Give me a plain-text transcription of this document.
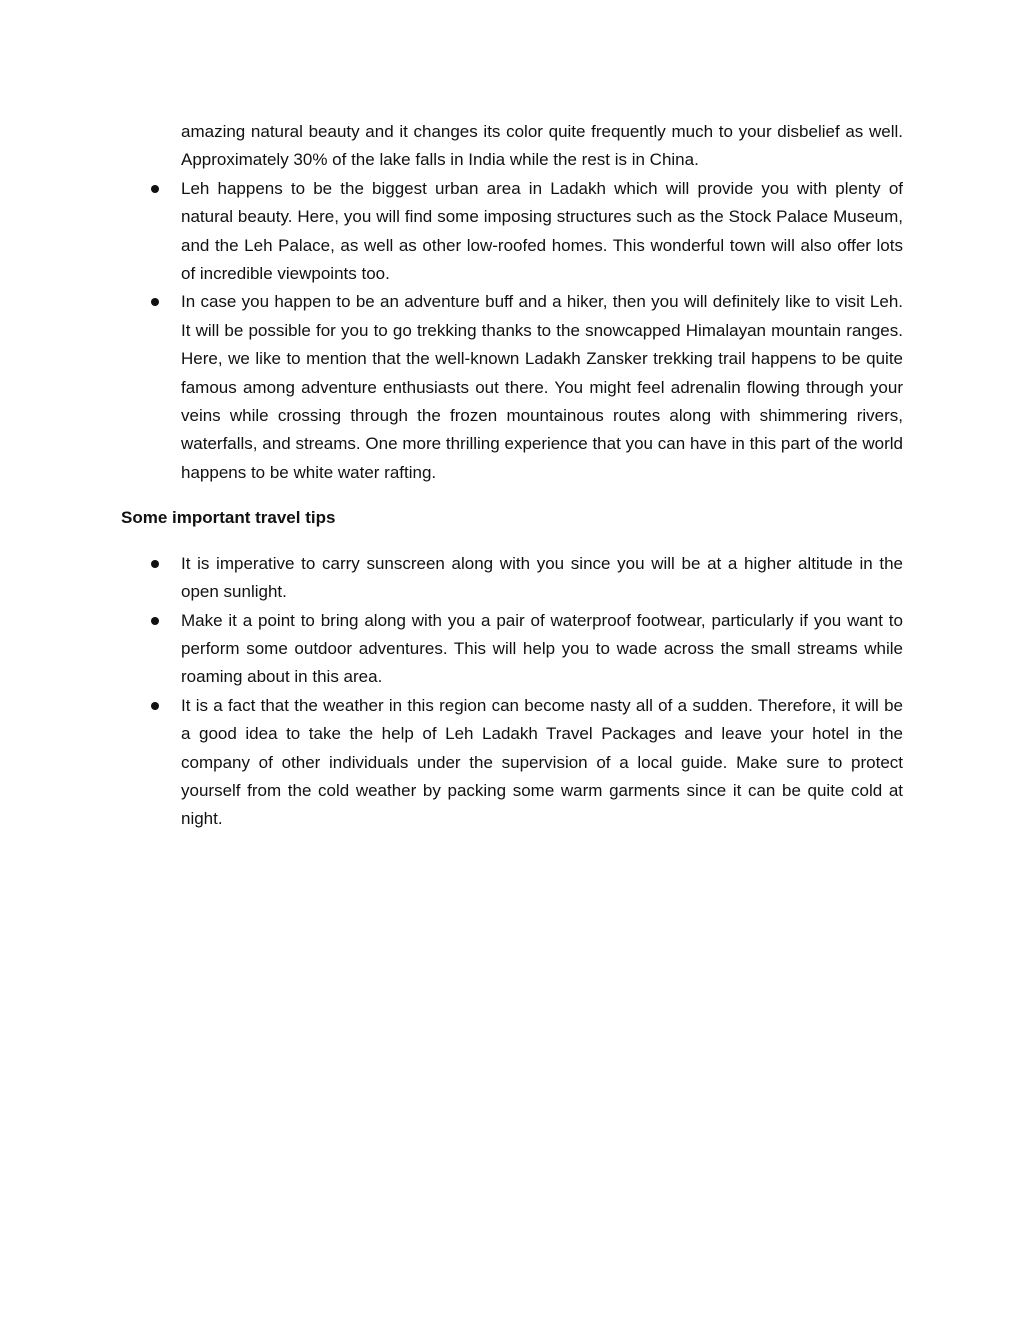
amazing natural beauty and it changes its color quite frequently much to your disbelief as well. Approximately 30% of the lake falls in India while the rest is in China.

Leh happens to be the biggest urban area in Ladakh which will provide you with plenty of natural beauty. Here, you will find some imposing structures such as the Stock Palace Museum, and the Leh Palace, as well as other low-roofed homes. This wonderful town will also offer lots of incredible viewpoints too.
In case you happen to be an adventure buff and a hiker, then you will definitely like to visit Leh. It will be possible for you to go trekking thanks to the snowcapped Himalayan mountain ranges. Here, we like to mention that the well-known Ladakh Zansker trekking trail happens to be quite famous among adventure enthusiasts out there. You might feel adrenalin flowing through your veins while crossing through the frozen mountainous routes along with shimmering rivers, waterfalls, and streams. One more thrilling experience that you can have in this part of the world happens to be white water rafting.

Some important travel tips

It is imperative to carry sunscreen along with you since you will be at a higher altitude in the open sunlight.
Make it a point to bring along with you a pair of waterproof footwear, particularly if you want to perform some outdoor adventures. This will help you to wade across the small streams while roaming about in this area.
It is a fact that the weather in this region can become nasty all of a sudden. Therefore, it will be a good idea to take the help of Leh Ladakh Travel Packages and leave your hotel in the company of other individuals under the supervision of a local guide. Make sure to protect yourself from the cold weather by packing some warm garments since it can be quite cold at night.
